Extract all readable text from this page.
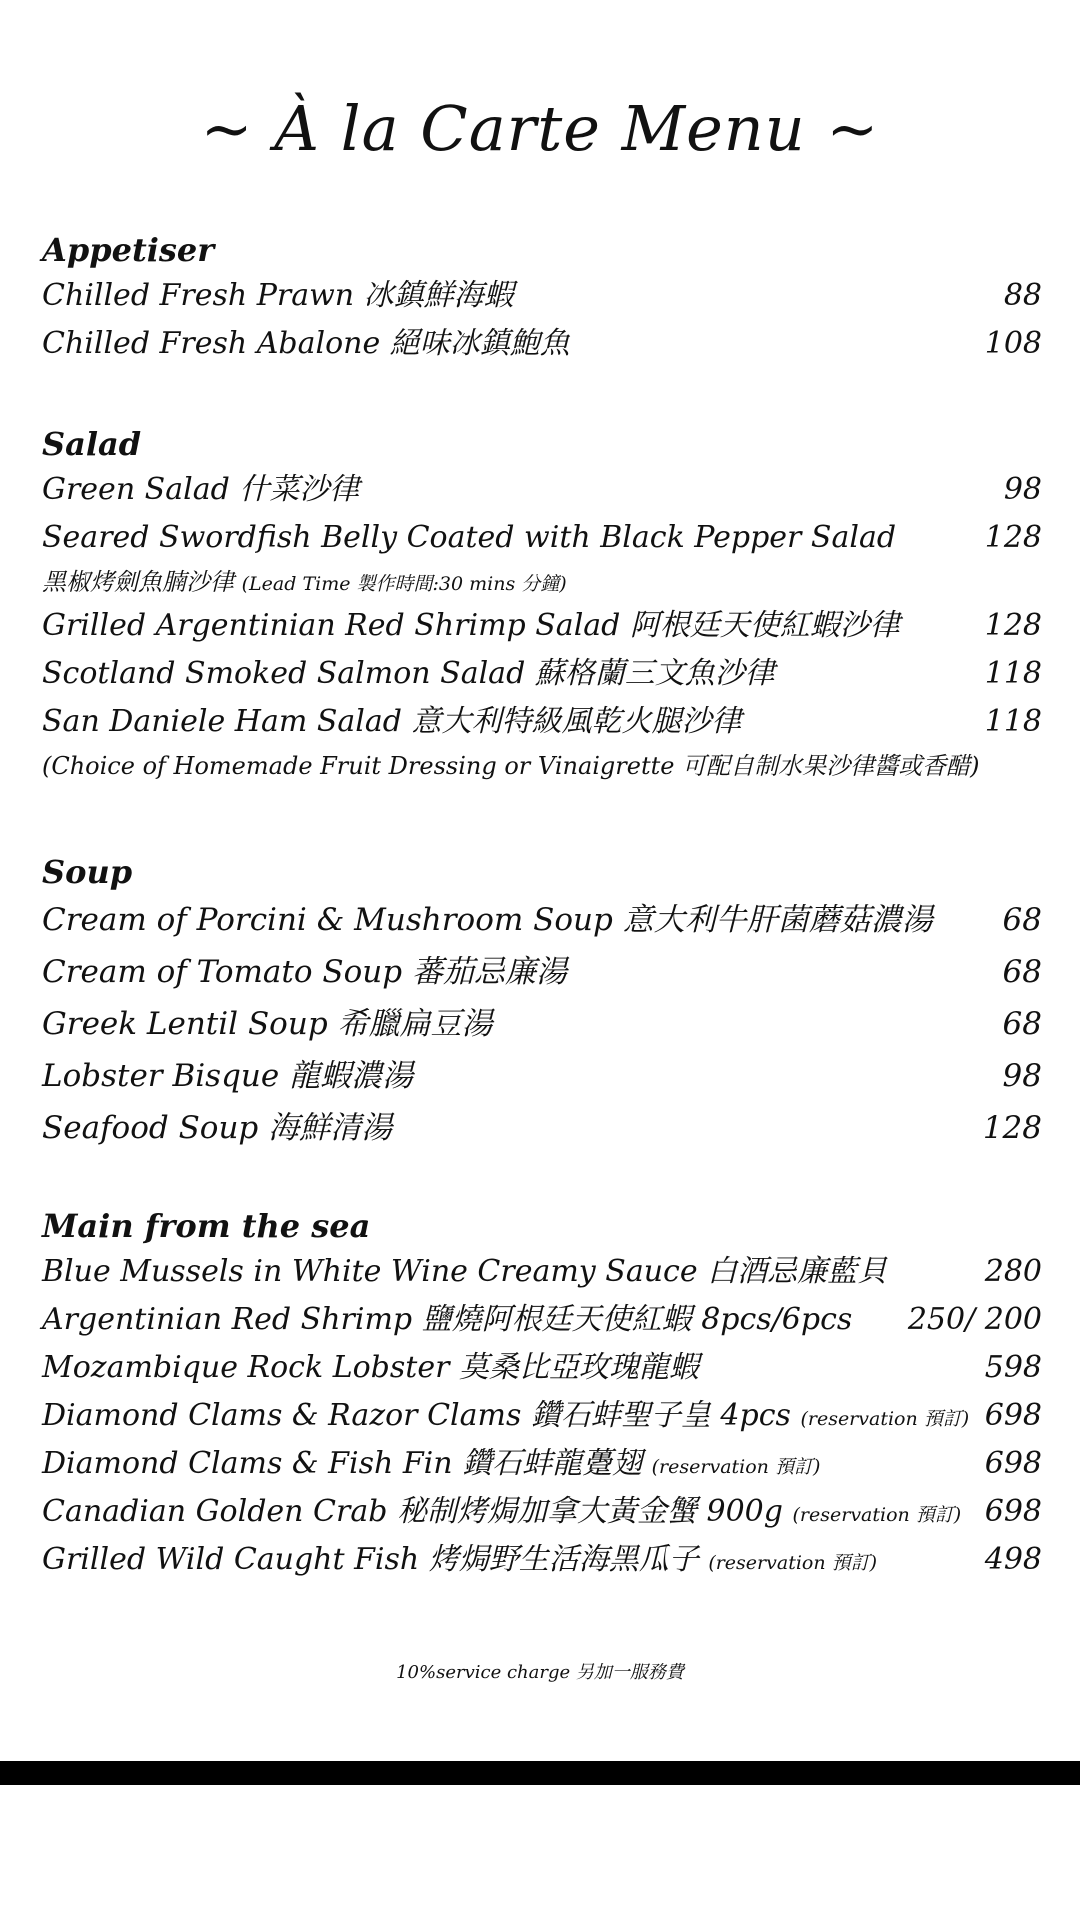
~ À la Carte Menu ~
Appetiser
Chilled Fresh Prawn 冰鎮鮮海蝦	88
Chilled Fresh Abalone 絕味冰鎮鮑魚	108
Salad
Green Salad 什菜沙律	98
Seared Swordfish Belly Coated with Black Pepper Salad	128
黑椒烤劍魚腩沙律 (Lead Time 製作時間:30 mins 分鐘)
Grilled Argentinian Red Shrimp Salad 阿根廷天使紅蝦沙律	128
Scotland Smoked Salmon Salad 蘇格蘭三文魚沙律	118
San Daniele Ham Salad 意大利特級風乾火腿沙律	118
(Choice of Homemade Fruit Dressing or Vinaigrette 可配自制水果沙律醬或香醋)
Soup
Cream of Porcini & Mushroom Soup 意大利牛肝菌蘑菇濃湯	68
Cream of Tomato Soup 蕃茄忌廉湯	68
Greek Lentil Soup 希臘扁豆湯	68
Lobster Bisque 龍蝦濃湯	98
Seafood Soup 海鮮清湯	128
Main from the sea
Blue Mussels in White Wine Creamy Sauce 白酒忌廉藍貝	280
Argentinian Red Shrimp 鹽燒阿根廷天使紅蝦 8pcs/6pcs	250/ 200
Mozambique Rock Lobster 莫桑比亞玫瑰龍蝦	598
Diamond Clams & Razor Clams 鑽石蚌聖子皇 4pcs (reservation 預訂) 698
Diamond Clams & Fish Fin 鑽石蚌龍躉翅 (reservation 預訂)	698
Canadian Golden Crab 秘制烤焗加拿大黃金蟹 900g (reservation 預訂) 698
Grilled Wild Caught Fish 烤焗野生活海黑瓜子 (reservation 預訂)	498
10%service charge 另加一服務費
